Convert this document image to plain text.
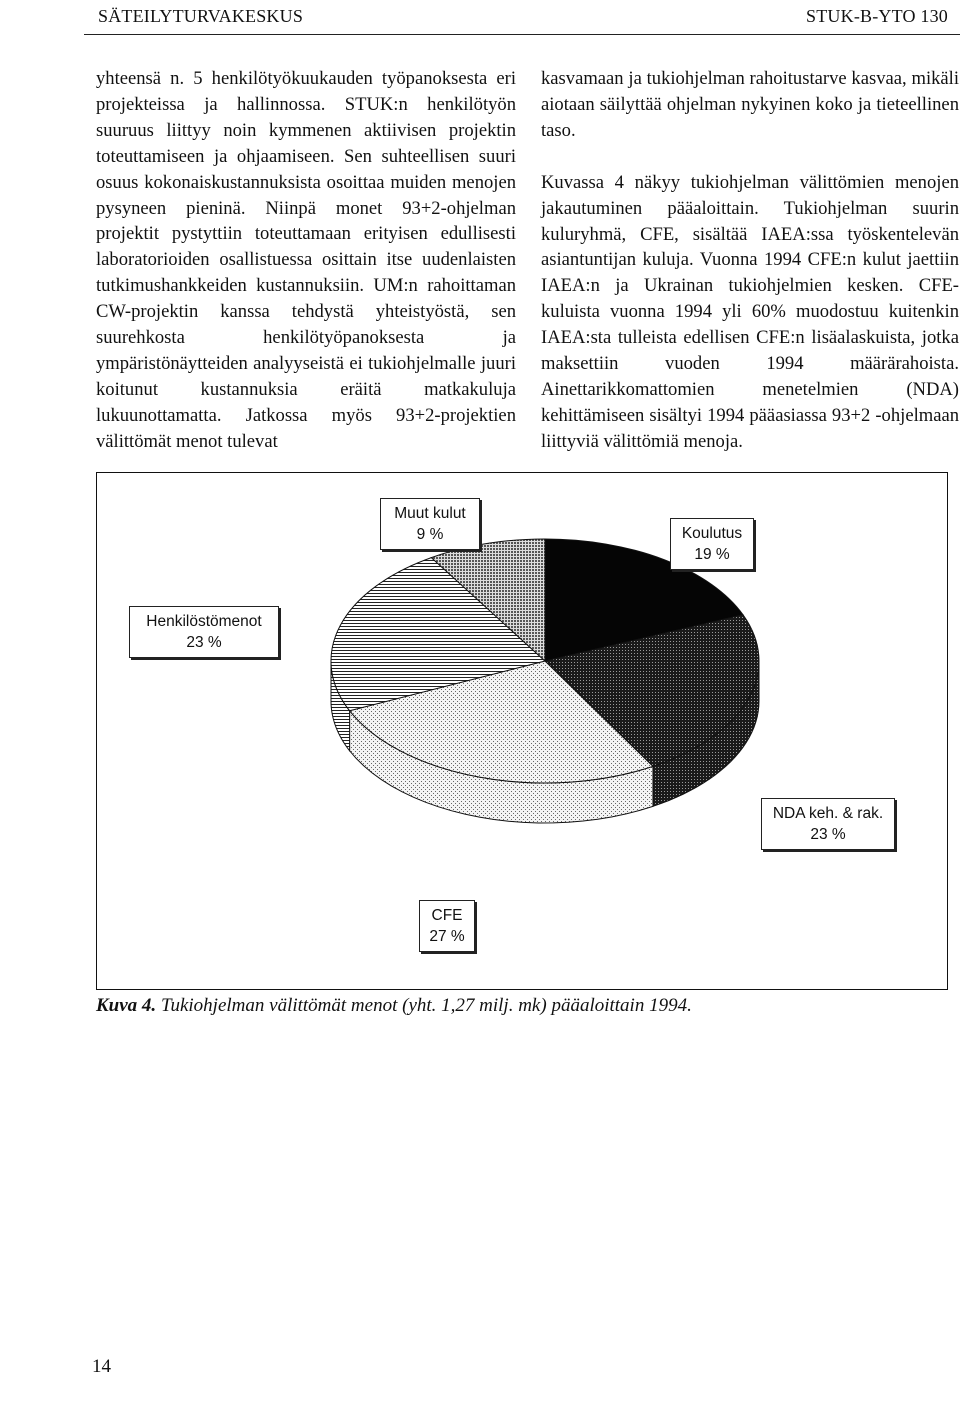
SÄTEILYTURVAKESKUS	STUK-B-YTO 130

yhteensä n. 5 henkilötyökuukauden työpanoksesta eri projekteissa ja hallinnossa. STUK:n henkilötyön suuruus liittyy noin kymmenen aktiivisen projektin toteuttamiseen ja ohjaamiseen. Sen suhteellisen suuri osuus kokonaiskustannuksista osoittaa muiden menojen pysyneen pieninä. Niinpä monet 93+2-ohjelman projektit pystyttiin toteuttamaan erityisen edullisesti laboratorioiden osallistuessa osittain itse uudenlaisten tutkimushankkeiden kustannuksiin. UM:n rahoittaman CW-projektin kanssa tehdystä yhteistyöstä, sen suurehkosta henkilötyöpanoksesta ja ympäristönäytteiden analyyseistä ei tukiohjelmalle juuri koitunut kustannuksia eräitä matkakuluja lukuunottamatta. Jatkossa myös 93+2-projektien välittömät menot tulevat

kasvamaan ja tukiohjelman rahoitustarve kasvaa, mikäli aiotaan säilyttää ohjelman nykyinen koko ja tieteellinen taso.

Kuvassa 4 näkyy tukiohjelman välittömien menojen jakautuminen pääaloittain. Tukiohjelman suurin kuluryhmä, CFE, sisältää IAEA:ssa työskentelevän asiantuntijan kuluja. Vuonna 1994 CFE:n kulut jaettiin IAEA:n ja Ukrainan tukiohjelmien kesken. CFE-kuluista vuonna 1994 yli 60% muodostuu kuitenkin IAEA:sta tulleista edellisen CFE:n lisäalaskuista, jotka maksettiin vuoden 1994 määrärahoista. Ainettarikkomattomien menetelmien (NDA) kehittämiseen sisältyi 1994 pääasiassa 93+2 -ohjelmaan liittyviä välittömiä menoja.

Muut kulut
9 %	Koulutus
19 %
Henkilöstömenot
23 %
NDA keh. & rak.
23 %
CFE
27 %
Kuva 4. Tukiohjelman välittömät menot (yht. 1,27 milj. mk) pääaloittain 1994.
14
